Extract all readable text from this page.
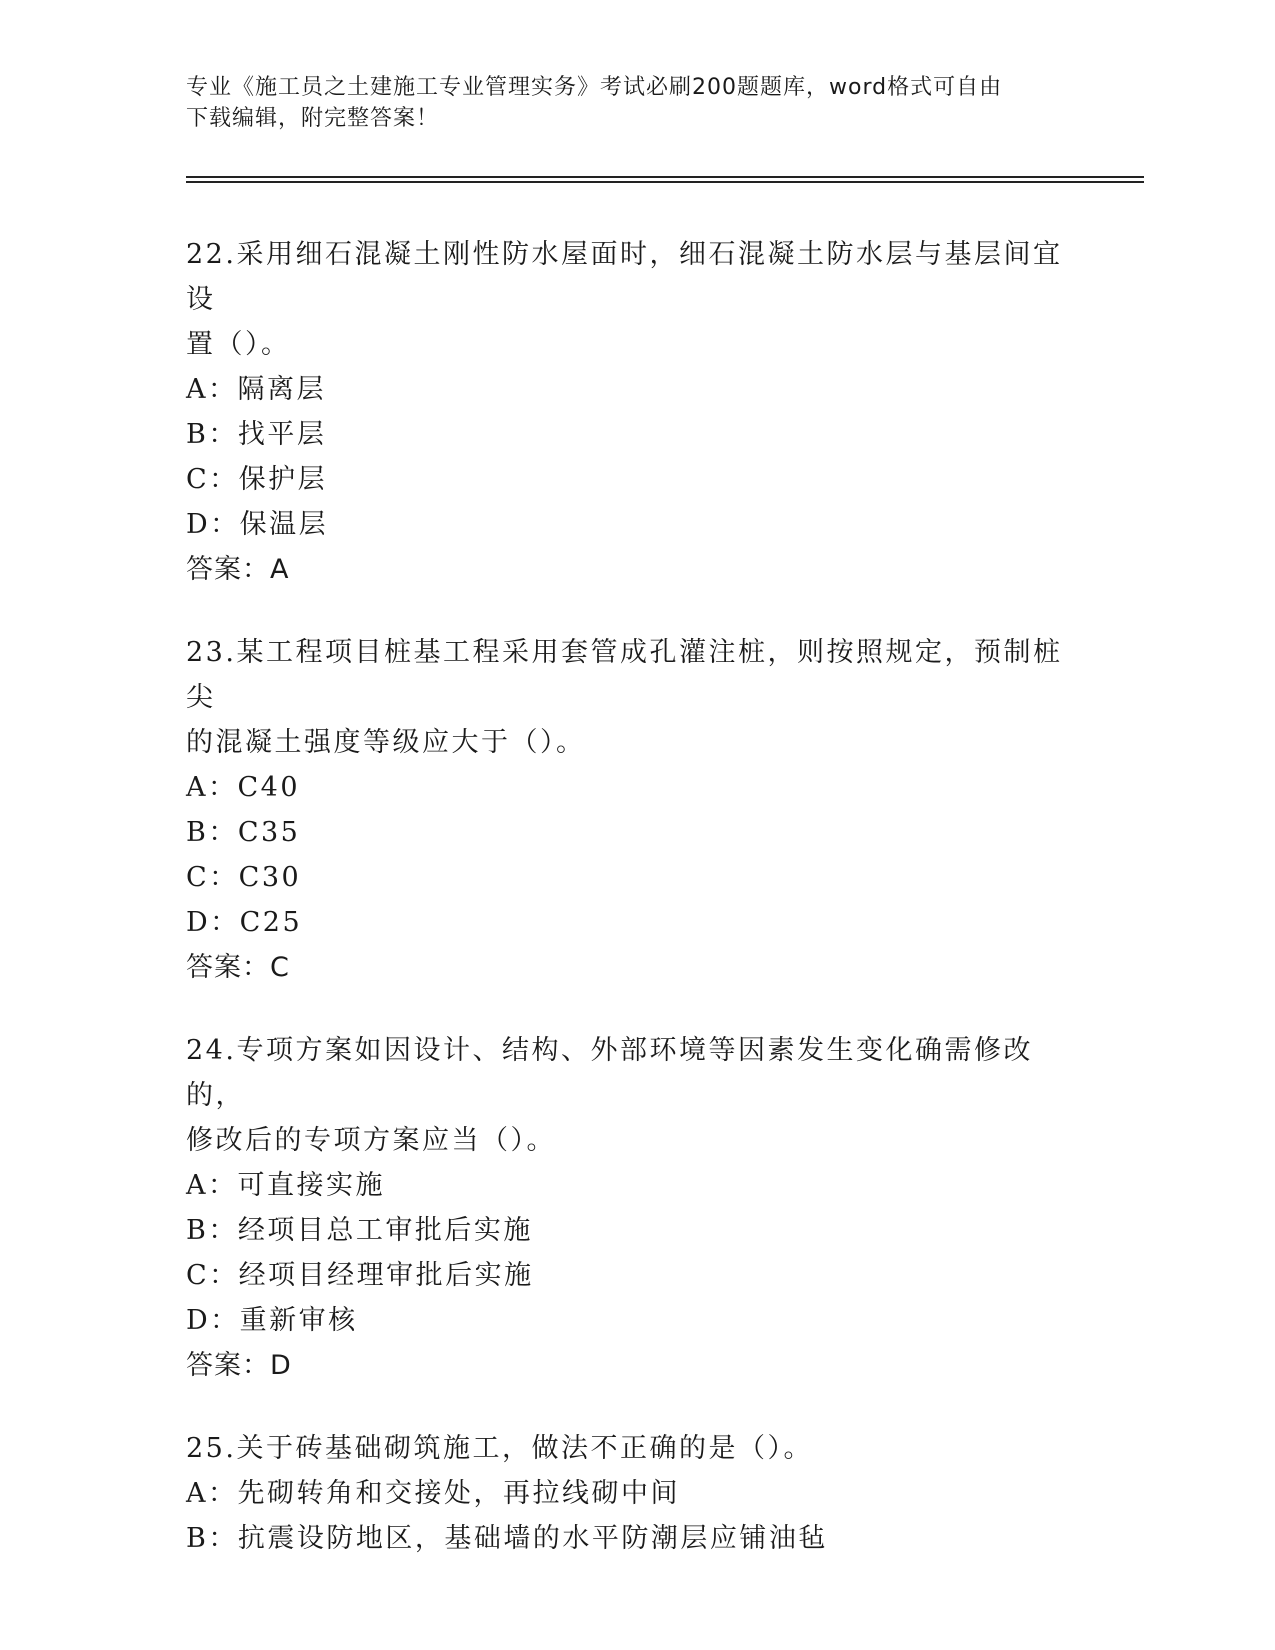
专业《施工员之土建施工专业管理实务》考试必刷200题题库，word格式可自由
下载编辑，附完整答案！

22.采用细石混凝土刚性防水屋面时，细石混凝土防水层与基层间宜设

置（）。

A：隔离层

B：找平层

C：保护层

D：保温层

答案：A

23.某工程项目桩基工程采用套管成孔灌注桩，则按照规定，预制桩尖

的混凝土强度等级应大于（）。

A：C40

B：C35

C：C30

D：C25

答案：C

24.专项方案如因设计、结构、外部环境等因素发生变化确需修改的，

修改后的专项方案应当（）。

A：可直接实施

B：经项目总工审批后实施

C：经项目经理审批后实施

D：重新审核

答案：D

25.关于砖基础砌筑施工，做法不正确的是（）。

A：先砌转角和交接处，再拉线砌中间

B：抗震设防地区，基础墙的水平防潮层应铺油毡
